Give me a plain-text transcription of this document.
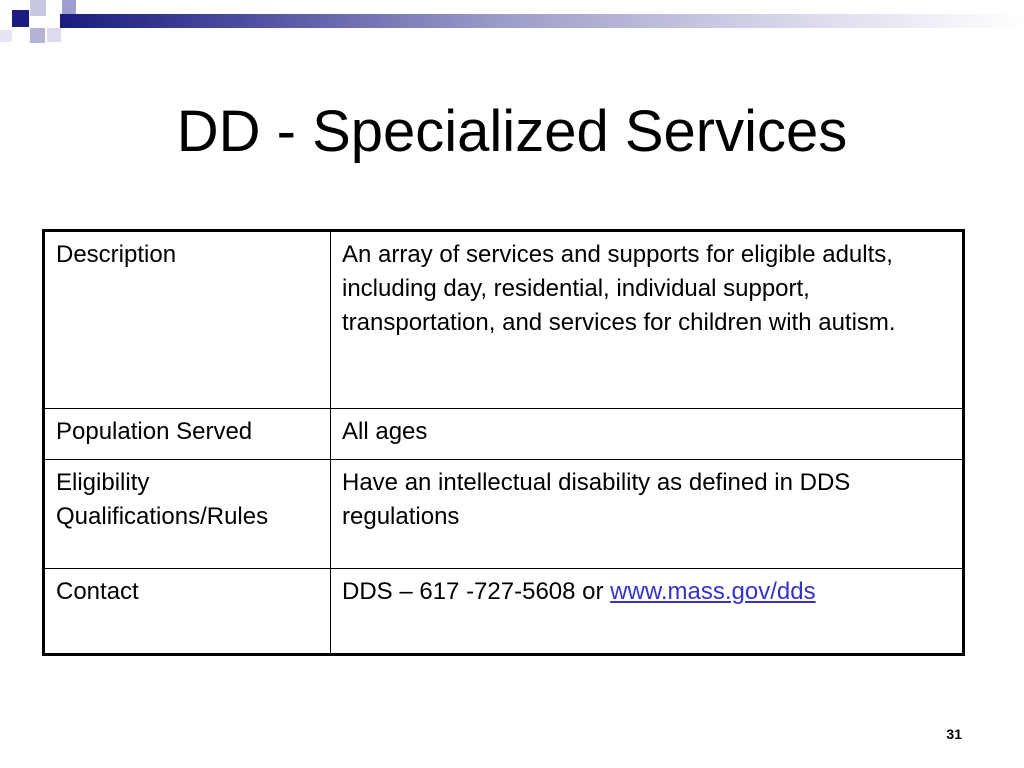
DD - Specialized Services
Description	An array of services and supports for eligible adults, including day, residential, individual support, transportation, and services for children with autism.
Population Served	All ages
Eligibility Qualifications/Rules	Have an intellectual disability as defined in DDS regulations
Contact	DDS – 617 -727-5608 or www.mass.gov/dds
31
